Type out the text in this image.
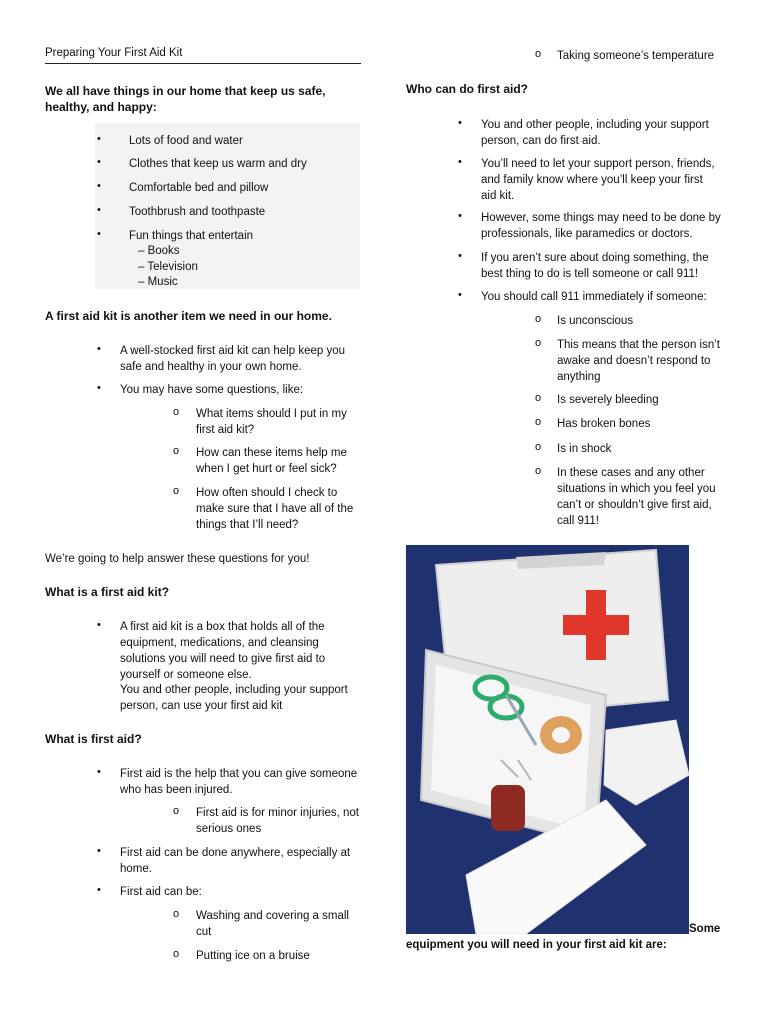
Preparing Your First Aid Kit
We all have things in our home that keep us safe, healthy, and happy:
• Lots of food and water
• Clothes that keep us warm and dry
• Comfortable bed and pillow
• Toothbrush and toothpaste
• Fun things that entertain
– Books
– Television
– Music
A first aid kit is another item we need in our home.
• A well-stocked first aid kit can help keep you safe and healthy in your own home.
• You may have some questions, like:
o What items should I put in my first aid kit?
o How can these items help me when I get hurt or feel sick?
o How often should I check to make sure that I have all of the things that I’ll need?
We’re going to help answer these questions for you!
What is a first aid kit?
• A first aid kit is a box that holds all of the equipment, medications, and cleansing solutions you will need to give first aid to yourself or someone else.
You and other people, including your support person, can use your first aid kit
What is first aid?
• First aid is the help that you can give someone who has been injured.
o First aid is for minor injuries, not serious ones
• First aid can be done anywhere, especially at home.
• First aid can be:
o Washing and covering a small cut
o Putting ice on a bruise
o Taking someone’s temperature
Who can do first aid?
• You and other people, including your support person, can do first aid.
• You’ll need to let your support person, friends, and family know where you’ll keep your first aid kit.
• However, some things may need to be done by professionals, like paramedics or doctors.
• If you aren’t sure about doing something, the best thing to do is tell someone or call 911!
• You should call 911 immediately if someone:
o Is unconscious
o This means that the person isn’t awake and doesn’t respond to anything
o Is severely bleeding
o Has broken bones
o Is in shock
o In these cases and any other situations in which you feel you can’t or shouldn’t give first aid, call 911!
Some
equipment you will need in your first aid kit are:
